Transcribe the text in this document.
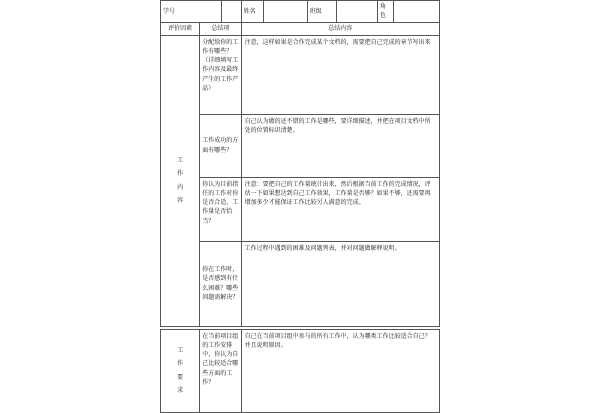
学号			姓名		班级		角色	
评价因素	总结项		总结内容					

工
作
内
容	分配给你的工作有哪些？（详细填写工作内容及最终产生的工作产品）		注意，这样如果是合作完成某个文档的，需要把自己完成的章节写出来					
	工作成功的方面有哪些？		自己认为做的还不错的工作是哪些，要详细描述，并把在项目文档中所处的位置标识清楚。					
	你认为目前指任的工作对你是否合适，工作量是否恰当？		注意：要把自己的工作量统计出来，然后根据当前工作的完成情况，评估一下如果想达到自己工作效果，工作量是否够？如果不够，还需要再增加多少才能保证工作比较另人满意的完成。					
	你在工作时，是否感到有什么困难？哪些问题需解决？		工作过程中遇到的困难及问题列表，并对问题做解释说明。					

工
作
要
求	在当前项目组的工作安排中，你认为自己比较适合哪些方面的工作？		自己在当前项目组中参与的所有工作中，认为哪类工作比较适合自己？并且说明原因。					
